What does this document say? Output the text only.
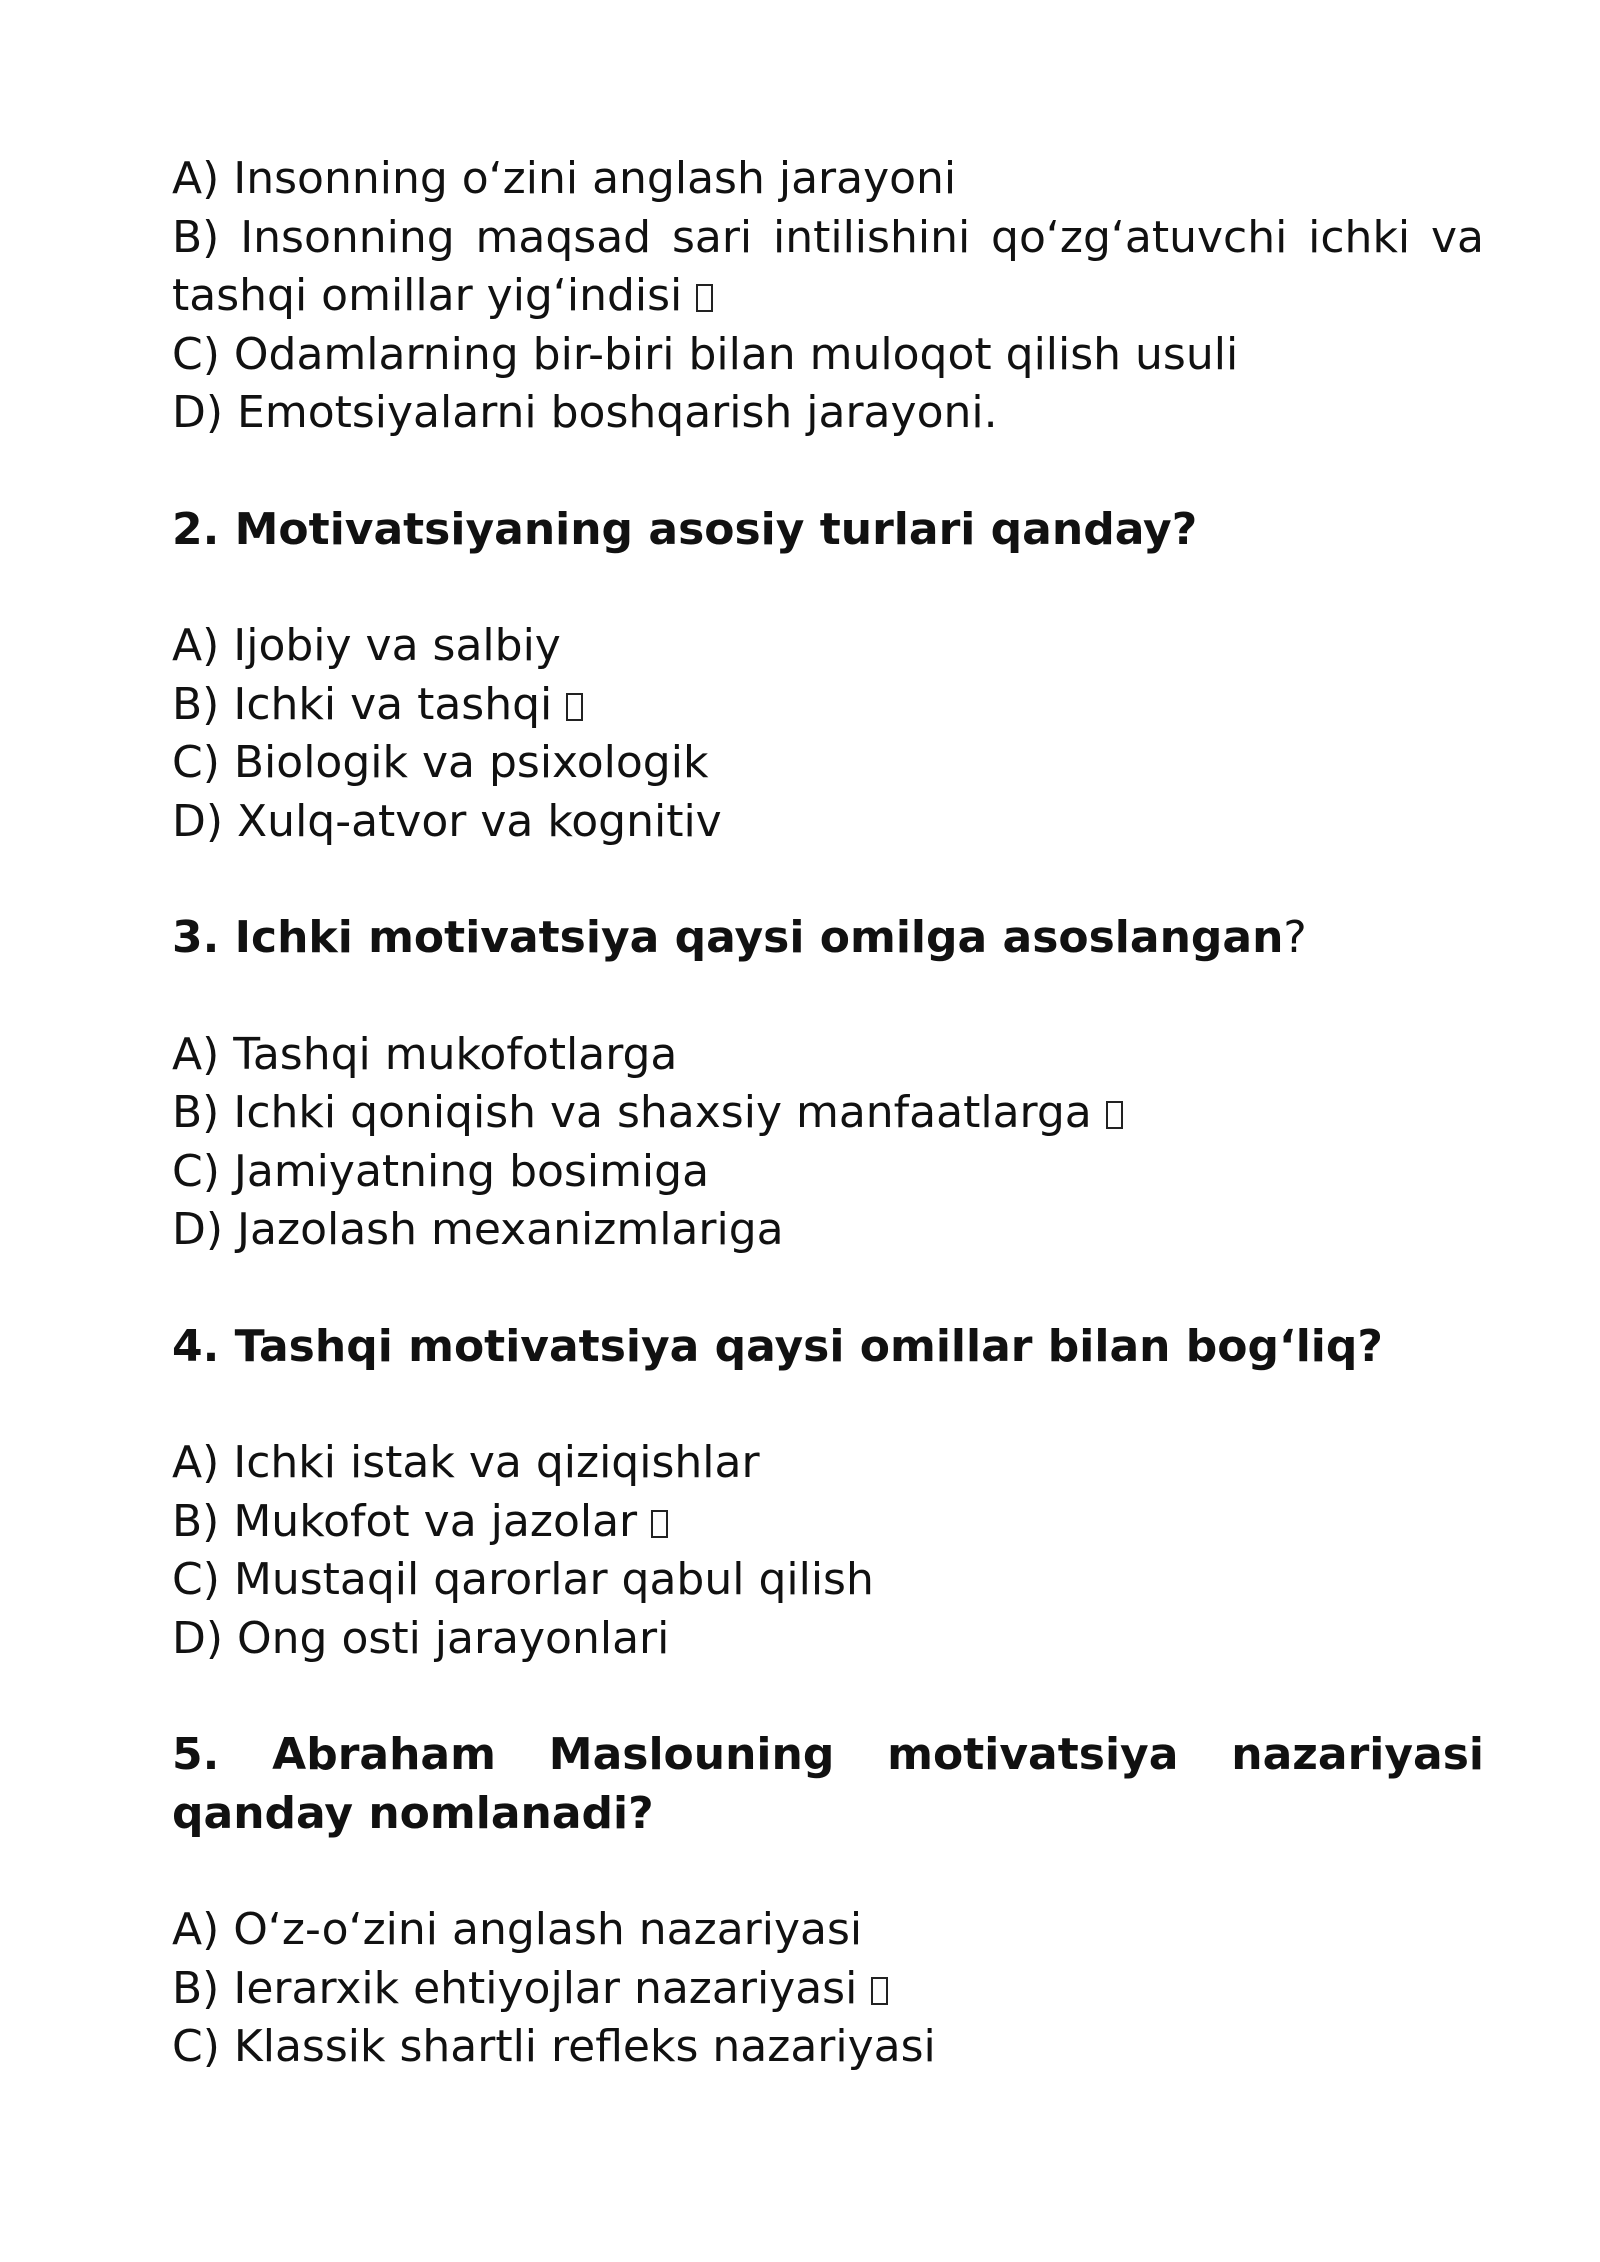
A) Insonning o‘zini anglash jarayoni

B) Insonning maqsad sari intilishini qo‘zg‘atuvchi ichki va tashqi omillar yig‘indisi

C) Odamlarning bir-biri bilan muloqot qilish usuli

D) Emotsiyalarni boshqarish jarayoni.

2. Motivatsiyaning asosiy turlari qanday?

A) Ijobiy va salbiy

B) Ichki va tashqi

C) Biologik va psixologik

D) Xulq-atvor va kognitiv

3. Ichki motivatsiya qaysi omilga asoslangan?

A) Tashqi mukofotlarga

B) Ichki qoniqish va shaxsiy manfaatlarga

C) Jamiyatning bosimiga

D) Jazolash mexanizmlariga

4. Tashqi motivatsiya qaysi omillar bilan bog‘liq?

A) Ichki istak va qiziqishlar

B) Mukofot va jazolar

C) Mustaqil qarorlar qabul qilish

D) Ong osti jarayonlari

5. Abraham Maslouning motivatsiya nazariyasi qanday nomlanadi?

A) O‘z-o‘zini anglash nazariyasi

B) Ierarxik ehtiyojlar nazariyasi

C) Klassik shartli refleks nazariyasi
